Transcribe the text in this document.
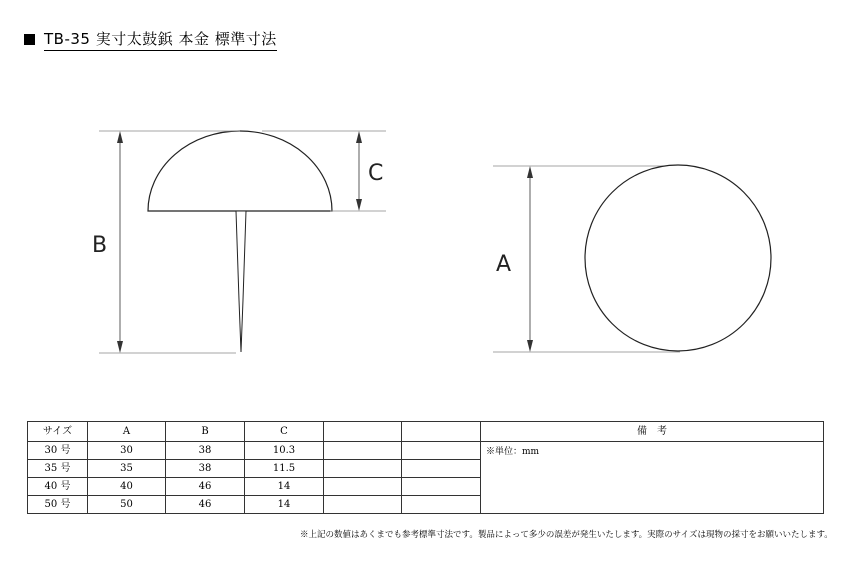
TB-35 実寸太鼓鋲 本金 標準寸法
B
C
A
サイズ	A	B	C			備　考
30 号	30	38	10.3			※単位：mm
35 号	35	38	11.5			
40 号	40	46	14			
50 号	50	46	14			
※上記の数値はあくまでも参考標準寸法です。製品によって多少の誤差が発生いたします。実際のサイズは現物の採寸をお願いいたします。
